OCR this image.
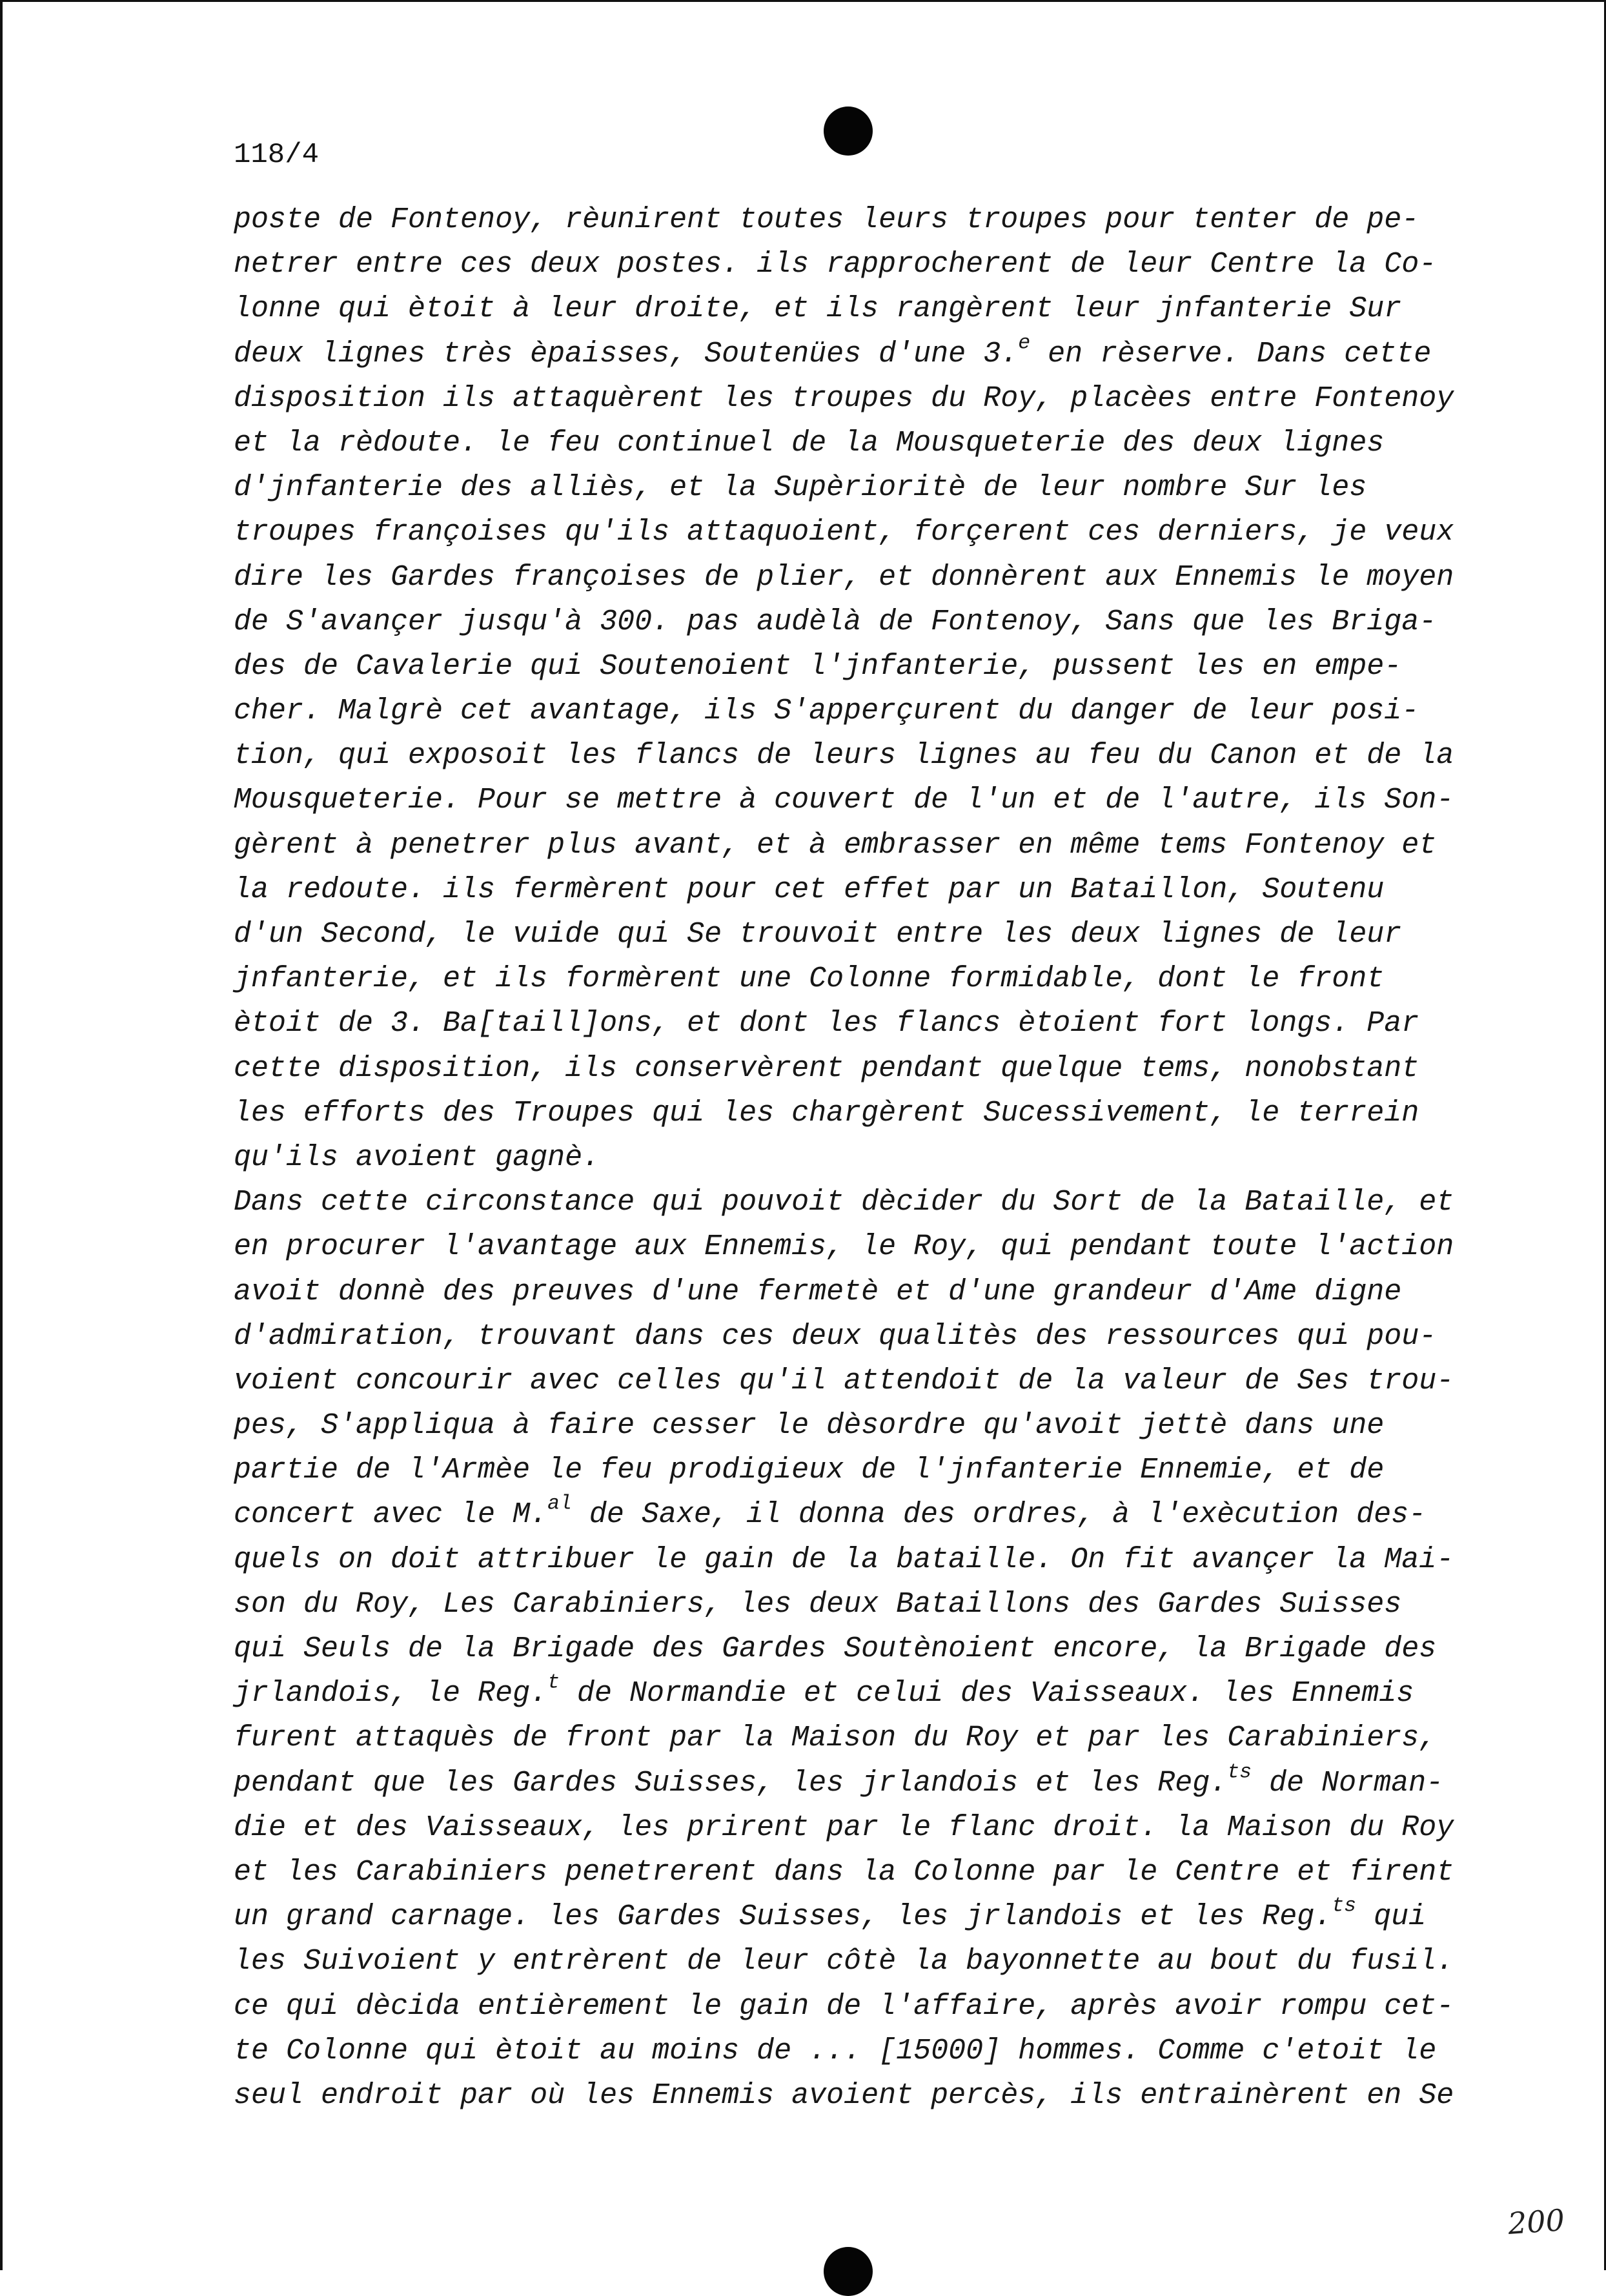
118/4
poste de Fontenoy, rèunirent toutes leurs troupes pour tenter de pe-
netrer entre ces deux postes. ils rapprocherent de leur Centre la Co-
lonne qui ètoit à leur droite, et ils rangèrent leur jnfanterie Sur
deux lignes très èpaisses, Soutenües d'une 3.$^e$ en rèserve. Dans cette
disposition ils attaquèrent les troupes du Roy, placèes entre Fontenoy
et la rèdoute. le feu continuel de la Mousqueterie des deux lignes
d'jnfanterie des alliès, et la Supèrioritè de leur nombre Sur les
troupes françoises qu'ils attaquoient, forçerent ces derniers, je veux
dire les Gardes françoises de plier, et donnèrent aux Ennemis le moyen
de S'avançer jusqu'à 300. pas audèlà de Fontenoy, Sans que les Briga-
des de Cavalerie qui Soutenoient l'jnfanterie, pussent les en empe-
cher. Malgrè cet avantage, ils S'apperçurent du danger de leur posi-
tion, qui exposoit les flancs de leurs lignes au feu du Canon et de la
Mousqueterie. Pour se mettre à couvert de l'un et de l'autre, ils Son-
gèrent à penetrer plus avant, et à embrasser en même tems Fontenoy et
la redoute. ils fermèrent pour cet effet par un Bataillon, Soutenu
d'un Second, le vuide qui Se trouvoit entre les deux lignes de leur
jnfanterie, et ils formèrent une Colonne formidable, dont le front
ètoit de 3. Ba[taill]ons, et dont les flancs ètoient fort longs. Par
cette disposition, ils conservèrent pendant quelque tems, nonobstant
les efforts des Troupes qui les chargèrent Sucessivement, le terrein
qu'ils avoient gagnè.
Dans cette circonstance qui pouvoit dècider du Sort de la Bataille, et
en procurer l'avantage aux Ennemis, le Roy, qui pendant toute l'action
avoit donnè des preuves d'une fermetè et d'une grandeur d'Ame digne
d'admiration, trouvant dans ces deux qualitès des ressources qui pou-
voient concourir avec celles qu'il attendoit de la valeur de Ses trou-
pes, S'appliqua à faire cesser le dèsordre qu'avoit jettè dans une
partie de l'Armèe le feu prodigieux de l'jnfanterie Ennemie, et de
concert avec le M.$^{al}$ de Saxe, il donna des ordres, à l'exècution des-
quels on doit attribuer le gain de la bataille. On fit avançer la Mai-
son du Roy, Les Carabiniers, les deux Bataillons des Gardes Suisses
qui Seuls de la Brigade des Gardes Soutènoient encore, la Brigade des
jrlandois, le Reg.$^t$ de Normandie et celui des Vaisseaux. les Ennemis
furent attaquès de front par la Maison du Roy et par les Carabiniers,
pendant que les Gardes Suisses, les jrlandois et les Reg.$^{ts}$ de Norman-
die et des Vaisseaux, les prirent par le flanc droit. la Maison du Roy
et les Carabiniers penetrerent dans la Colonne par le Centre et firent
un grand carnage. les Gardes Suisses, les jrlandois et les Reg.$^{ts}$ qui
les Suivoient y entrèrent de leur côtè la bayonnette au bout du fusil.
ce qui dècida entièrement le gain de l'affaire, après avoir rompu cet-
te Colonne qui ètoit au moins de ... [15000] hommes. Comme c'etoit le
seul endroit par où les Ennemis avoient percès, ils entrainèrent en Se
200
